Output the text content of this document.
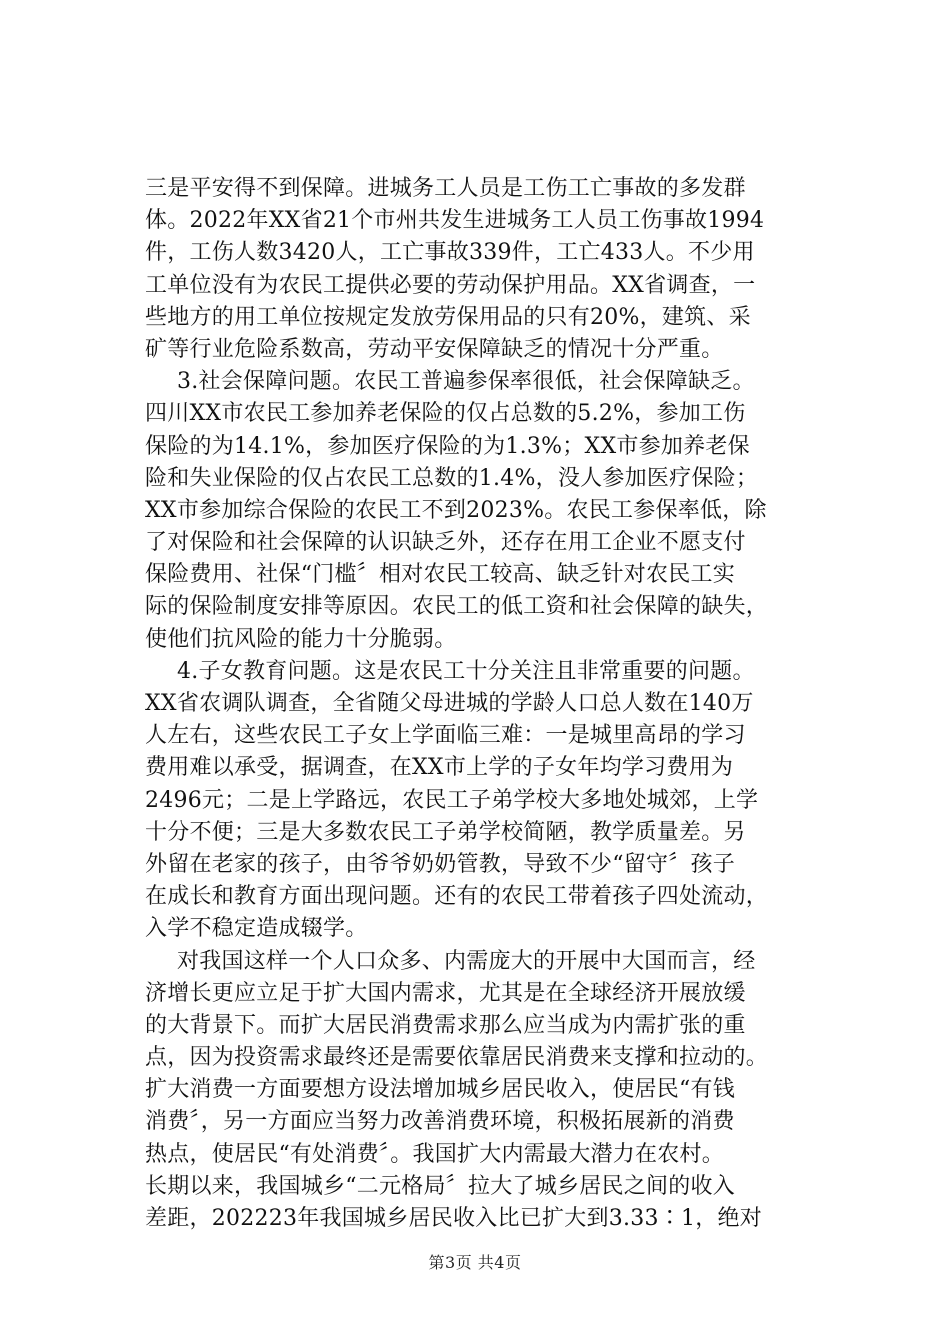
三是平安得不到保障。进城务工人员是工伤工亡事故的多发群
体。2022年XX省21个市州共发生进城务工人员工伤事故1994
件，工伤人数3420人，工亡事故339件，工亡433人。不少用
工单位没有为农民工提供必要的劳动保护用品。XX省调查，一
些地方的用工单位按规定发放劳保用品的只有20%，建筑、采
矿等行业危险系数高，劳动平安保障缺乏的情况十分严重。
3.社会保障问题。农民工普遍参保率很低，社会保障缺乏。
四川XX市农民工参加养老保险的仅占总数的5.2%，参加工伤
保险的为14.1%，参加医疗保险的为1.3%；XX市参加养老保
险和失业保险的仅占农民工总数的1.4%，没人参加医疗保险；
XX市参加综合保险的农民工不到2023%。农民工参保率低，除
了对保险和社会保障的认识缺乏外，还存在用工企业不愿支付
保险费用、社保“门槛〞相对农民工较高、缺乏针对农民工实
际的保险制度安排等原因。农民工的低工资和社会保障的缺失，
使他们抗风险的能力十分脆弱。
4.子女教育问题。这是农民工十分关注且非常重要的问题。
XX省农调队调查，全省随父母进城的学龄人口总人数在140万
人左右，这些农民工子女上学面临三难：一是城里高昂的学习
费用难以承受，据调查，在XX市上学的子女年均学习费用为
2496元；二是上学路远，农民工子弟学校大多地处城郊，上学
十分不便；三是大多数农民工子弟学校简陋，教学质量差。另
外留在老家的孩子，由爷爷奶奶管教，导致不少“留守〞孩子
在成长和教育方面出现问题。还有的农民工带着孩子四处流动，
入学不稳定造成辍学。
对我国这样一个人口众多、内需庞大的开展中大国而言，经
济增长更应立足于扩大国内需求，尤其是在全球经济开展放缓
的大背景下。而扩大居民消费需求那么应当成为内需扩张的重
点，因为投资需求最终还是需要依靠居民消费来支撑和拉动的。
扩大消费一方面要想方设法增加城乡居民收入，使居民“有钱
消费〞，另一方面应当努力改善消费环境，积极拓展新的消费
热点，使居民“有处消费〞。我国扩大内需最大潜力在农村。
长期以来，我国城乡“二元格局〞拉大了城乡居民之间的收入
差距，202223年我国城乡居民收入比已扩大到3.33∶1，绝对
第3页 共4页
